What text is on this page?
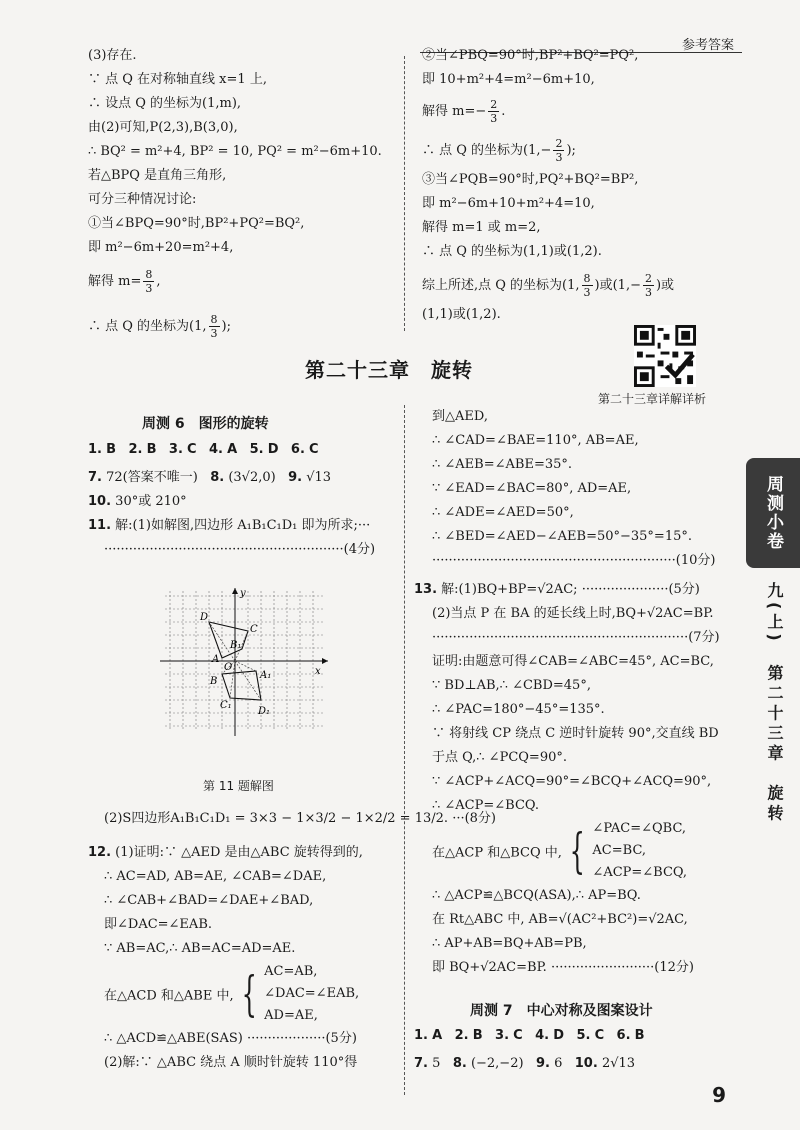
参考答案
(3)存在.
∵ 点 Q 在对称轴直线 x=1 上,
∴ 设点 Q 的坐标为(1,m),
由(2)可知,P(2,3),B(3,0),
∴ BQ² = m²+4, BP² = 10, PQ² = m²−6m+10.
若△BPQ 是直角三角形,
可分三种情况讨论:
①当∠BPQ=90°时,BP²+PQ²=BQ²,
即 m²−6m+20=m²+4,
解得 $m= \frac{8}{3}$ ,
∴ 点 Q 的坐标为(1, $\frac{8}{3}$ );
②当∠PBQ=90°时,BP²+BQ²=PQ²,
即 10+m²+4=m²−6m+10,
解得 $m=- \frac{2}{3}$ .
∴ 点 Q 的坐标为($1,- \frac{2}{3}$ );
③当∠PQB=90°时,PQ²+BQ²=BP²,
即 m²−6m+10+m²+4=10,
解得 m=1 或 m=2,
∴ 点 Q 的坐标为(1,1)或(1,2).
综上所述,点 Q 的坐标为(1, $\frac{8}{3}$ )或($1,- \frac{2}{3}$ )或
(1,1)或(1,2).
第二十三章　旋转
第二十三章详解详析
周测 6　图形的旋转
1. B 2. B 3. C 4. A 5. D 6. C
7. 72(答案不唯一) 8. (3√2,0) 9. √13
10. 30°或 210°
11. 解:(1)如解图,四边形 A₁B₁C₁D₁ 即为所求;···
··························································(4分)
y
x
O
D
C
B₁
A
B
A₁
C₁
D₁
第 11 题解图
(2)S四边形A₁B₁C₁D₁ = 3×3 − 1×3/2 − 1×2/2 = 13/2. ···(8分)
12. (1)证明:∵ △AED 是由△ABC 旋转得到的,
∴ AC=AD, AB=AE, ∠CAB=∠DAE,
∴ ∠CAB+∠BAD=∠DAE+∠BAD,
即∠DAC=∠EAB.
∵ AB=AC,∴ AB=AC=AD=AE.
在△ACD 和△ABE 中, { AC=AB,
∠DAC=∠EAB,
AD=AE,
∴ △ACD≌△ABE(SAS) ···················(5分)
(2)解:∵ △ABC 绕点 A 顺时针旋转 110°得
到△AED,
∴ ∠CAD=∠BAE=110°, AB=AE,
∴ ∠AEB=∠ABE=35°.
∵ ∠EAD=∠BAC=80°, AD=AE,
∴ ∠ADE=∠AED=50°,
∴ ∠BED=∠AED−∠AEB=50°−35°=15°.
···························································(10分)
13. 解:(1)BQ+BP=√2AC; ·····················(5分)
(2)当点 P 在 BA 的延长线上时,BQ+√2AC=BP.
······························································(7分)
证明:由题意可得∠CAB=∠ABC=45°, AC=BC,
∵ BD⊥AB,∴ ∠CBD=45°,
∴ ∠PAC=180°−45°=135°.
∵ 将射线 CP 绕点 C 逆时针旋转 90°,交直线 BD
于点 Q,∴ ∠PCQ=90°.
∵ ∠ACP+∠ACQ=90°=∠BCQ+∠ACQ=90°,
∴ ∠ACP=∠BCQ.
在△ACP 和△BCQ 中, { ∠PAC=∠QBC,
AC=BC,
∠ACP=∠BCQ,
∴ △ACP≌△BCQ(ASA),∴ AP=BQ.
在 Rt△ABC 中, AB=√(AC²+BC²)=√2AC,
∴ AP+AB=BQ+AB=PB,
即 BQ+√2AC=BP. ·························(12分)
周测 7　中心对称及图案设计
1. A 2. B 3. C 4. D 5. C 6. B
7. 5 8. (−2,−2) 9. 6 10. 2√13
周测小卷
九(上)　第二十三章　旋转
9
